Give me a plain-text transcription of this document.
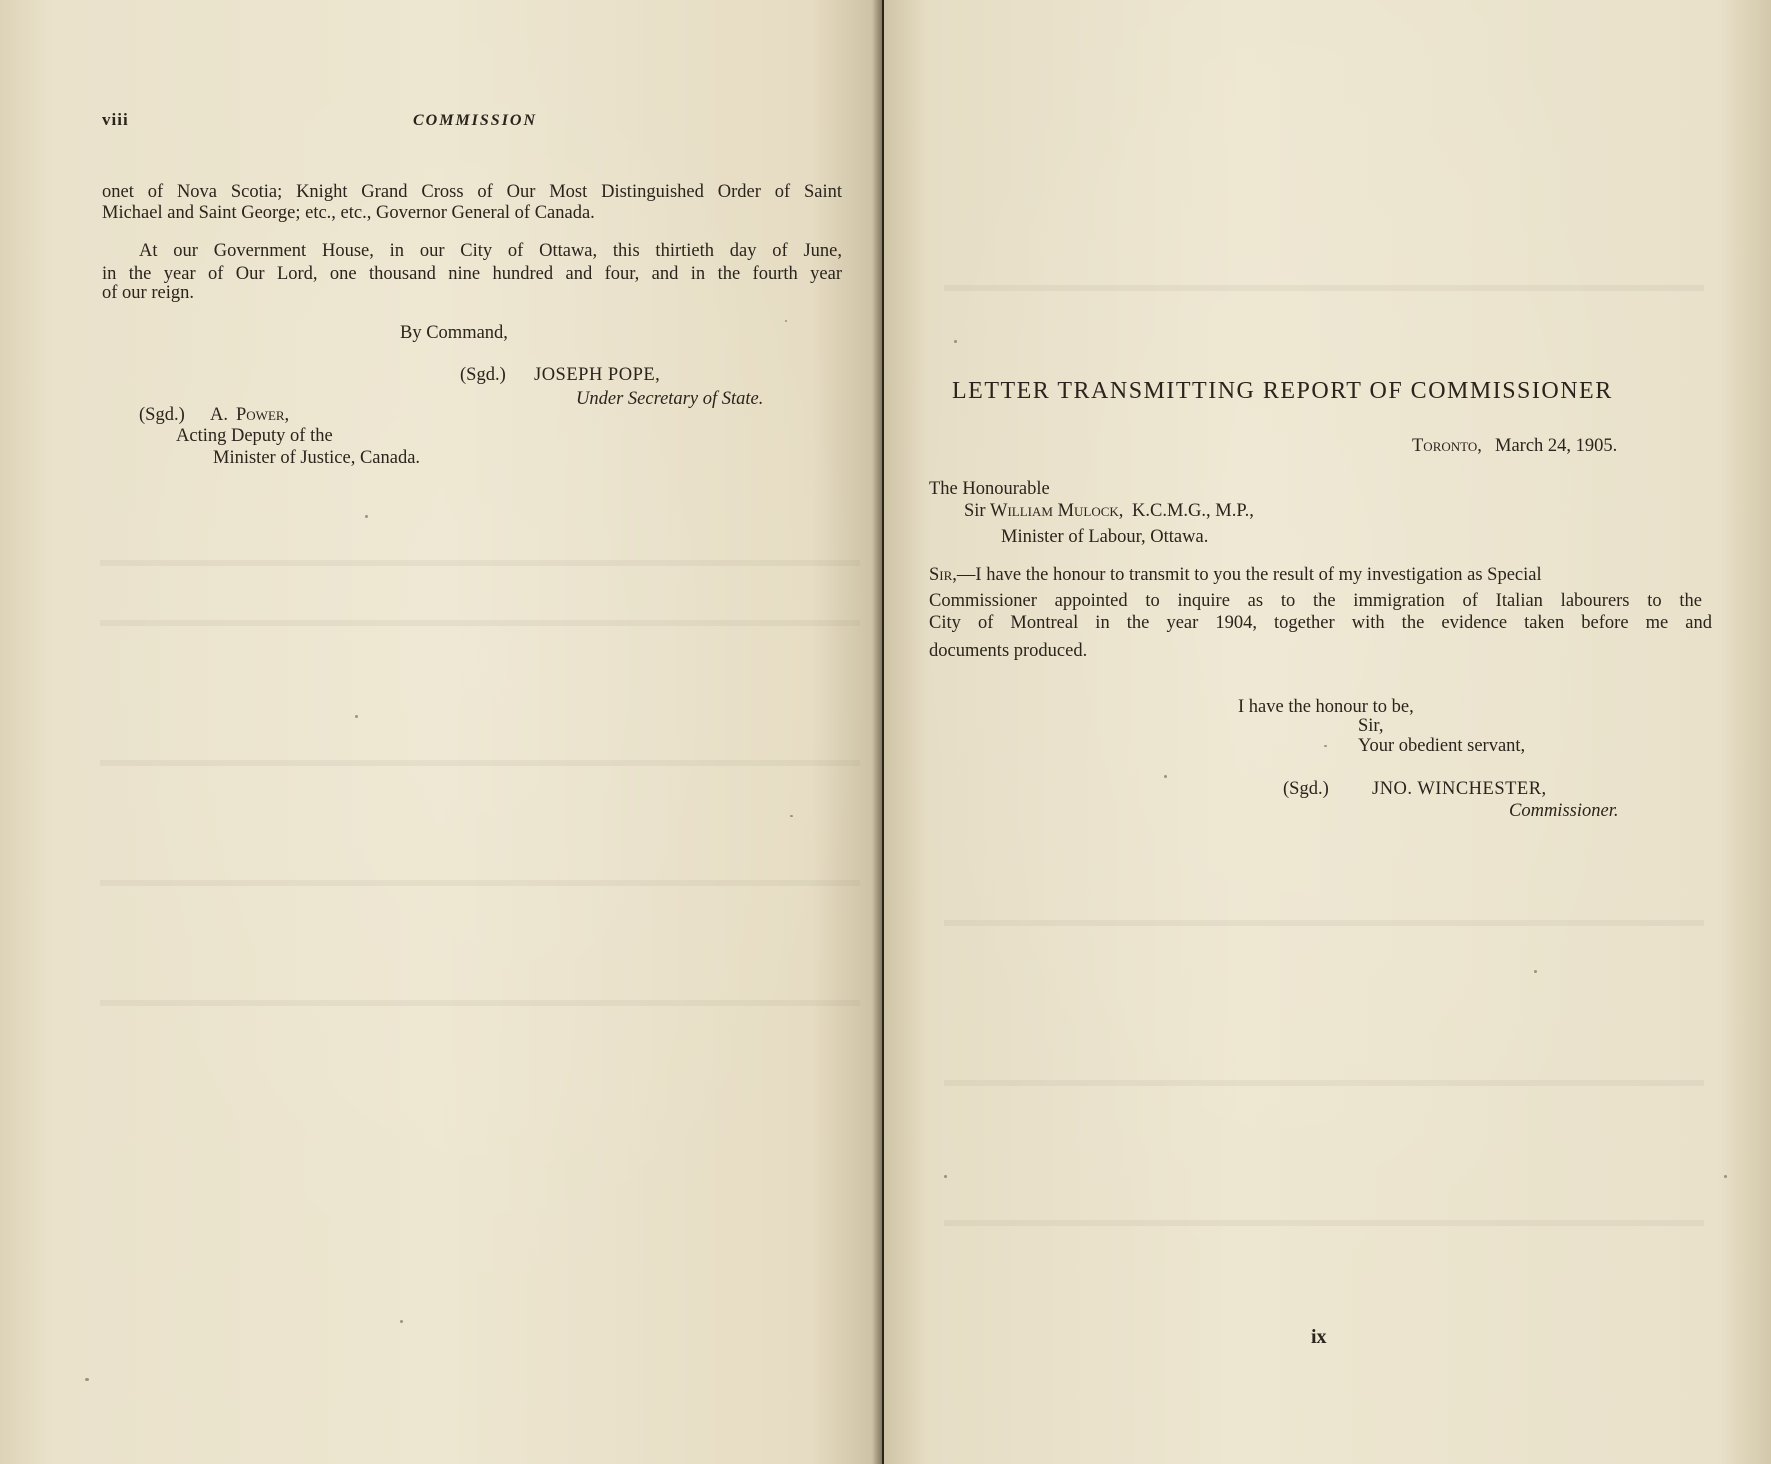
viii	COMMISSION
onet of Nova Scotia; Knight Grand Cross of Our Most Distinguished Order of Saint
Michael and Saint George; etc., etc., Governor General of Canada.
At our Government House, in our City of Ottawa, this thirtieth day of June,
in the year of Our Lord, one thousand nine hundred and four, and in the fourth year
of our reign.
By Command,
(Sgd.) JOSEPH POPE,
Under Secretary of State.
(Sgd.) A. Power,
Acting Deputy of the
Minister of Justice, Canada.
LETTER TRANSMITTING REPORT OF COMMISSIONER
Toronto, March 24, 1905.
The Honourable
Sir William Mulock, K.C.M.G., M.P.,
Minister of Labour, Ottawa.
Sir,—I have the honour to transmit to you the result of my investigation as Special
Commissioner appointed to inquire as to the immigration of Italian labourers to the
City of Montreal in the year 1904, together with the evidence taken before me and
documents produced.
I have the honour to be,
Sir,
Your obedient servant,
(Sgd.) JNO. WINCHESTER,
Commissioner.
ix
